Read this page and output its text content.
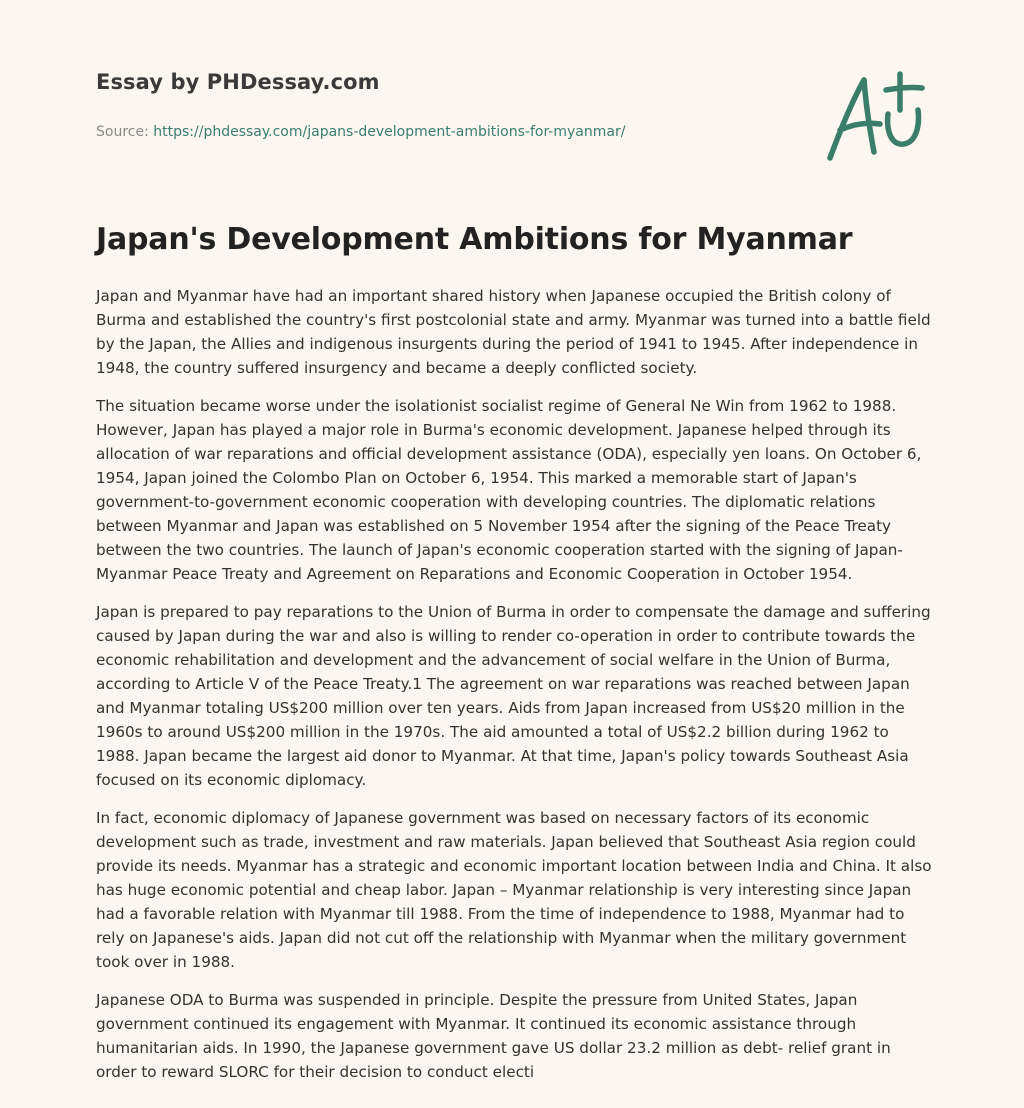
Essay by PHDessay.com
Source: https://phdessay.com/japans-development-ambitions-for-myanmar/
Japan's Development Ambitions for Myanmar

Japan and Myanmar have had an important shared history when Japanese occupied the British colony of Burma and established the country's first postcolonial state and army. Myanmar was turned into a battle field by the Japan, the Allies and indigenous insurgents during the period of 1941 to 1945. After independence in 1948, the country suffered insurgency and became a deeply conflicted society.

The situation became worse under the isolationist socialist regime of General Ne Win from 1962 to 1988. However, Japan has played a major role in Burma's economic development. Japanese helped through its allocation of war reparations and official development assistance (ODA), especially yen loans. On October 6, 1954, Japan joined the Colombo Plan on October 6, 1954. This marked a memorable start of Japan's government-to-government economic cooperation with developing countries. The diplomatic relations between Myanmar and Japan was established on 5 November 1954 after the signing of the Peace Treaty between the two countries. The launch of Japan's economic cooperation started with the signing of Japan-Myanmar Peace Treaty and Agreement on Reparations and Economic Cooperation in October 1954.

Japan is prepared to pay reparations to the Union of Burma in order to compensate the damage and suffering caused by Japan during the war and also is willing to render co-operation in order to contribute towards the economic rehabilitation and development and the advancement of social welfare in the Union of Burma, according to Article V of the Peace Treaty.1 The agreement on war reparations was reached between Japan and Myanmar totaling US$200 million over ten years. Aids from Japan increased from US$20 million in the 1960s to around US$200 million in the 1970s. The aid amounted a total of US$2.2 billion during 1962 to 1988. Japan became the largest aid donor to Myanmar. At that time, Japan's policy towards Southeast Asia focused on its economic diplomacy.

In fact, economic diplomacy of Japanese government was based on necessary factors of its economic development such as trade, investment and raw materials. Japan believed that Southeast Asia region could provide its needs. Myanmar has a strategic and economic important location between India and China. It also has huge economic potential and cheap labor. Japan – Myanmar relationship is very interesting since Japan had a favorable relation with Myanmar till 1988. From the time of independence to 1988, Myanmar had to rely on Japanese's aids. Japan did not cut off the relationship with Myanmar when the military government took over in 1988.

Japanese ODA to Burma was suspended in principle. Despite the pressure from United States, Japan government continued its engagement with Myanmar. It continued its economic assistance through humanitarian aids. In 1990, the Japanese government gave US dollar 23.2 million as debt- relief grant in order to reward SLORC for their decision to conduct electi
